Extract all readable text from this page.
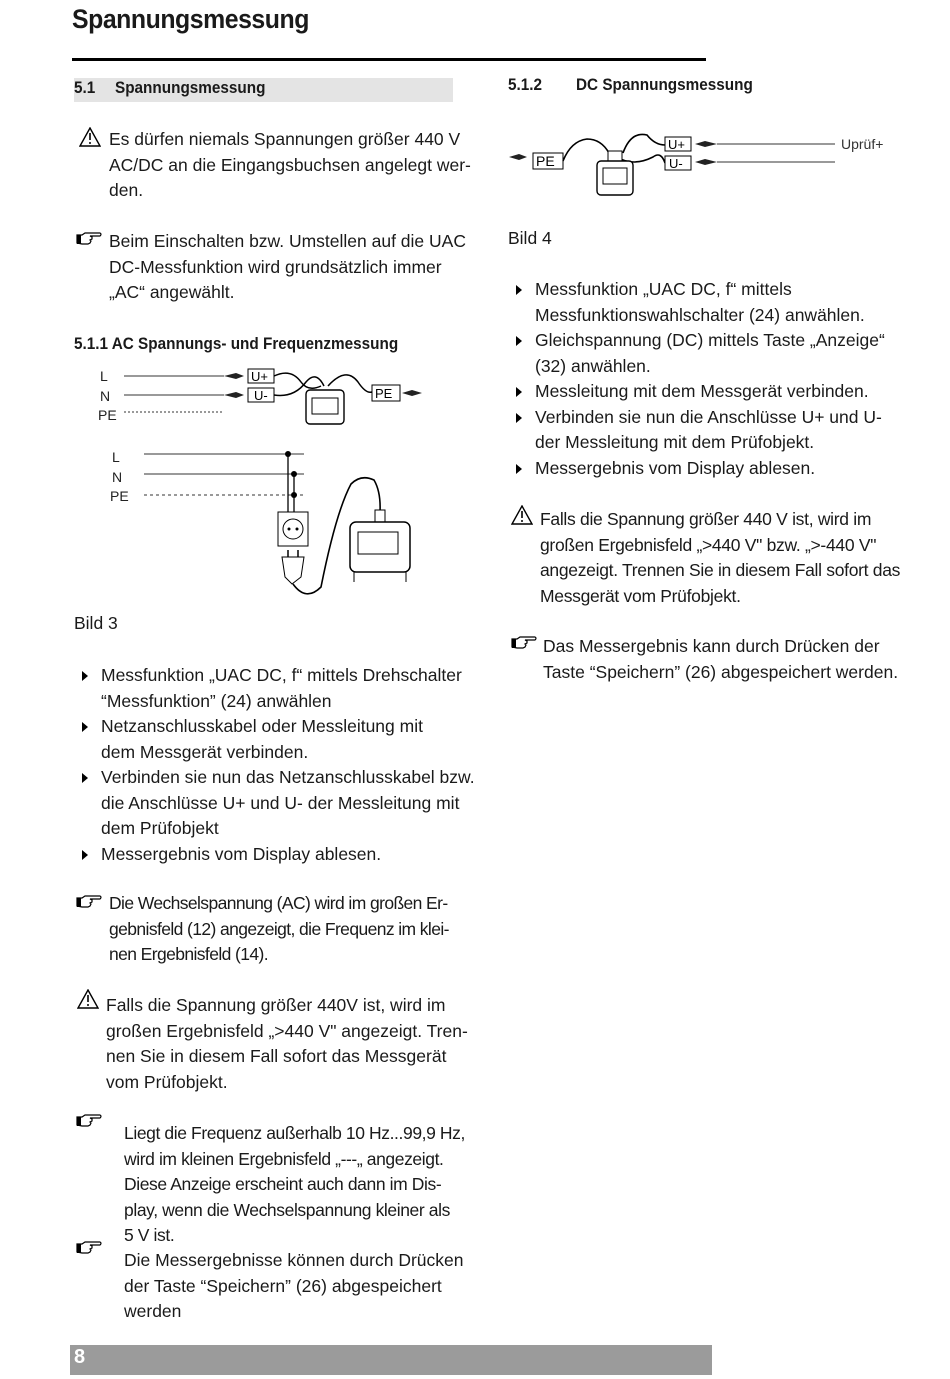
Spannungsmessung
5.1 Spannungsmessung
Es dürfen niemals Spannungen größer 440 V
AC/DC an die Eingangsbuchsen angelegt wer-
den.
Beim Einschalten bzw. Umstellen auf die UAC
DC-Messfunktion wird grundsätzlich immer
„AC“ angewählt.
5.1.1 AC Spannungs- und Frequenzmessung
L
N
PE
U+
U-	PE
L
N
PE
Bild 3
Messfunktion „UAC DC, f“ mittels Drehschalter
“Messfunktion” (24) anwählen
Netzanschlusskabel oder Messleitung mit
dem Messgerät verbinden.
Verbinden sie nun das Netzanschlusskabel bzw.
die Anschlüsse U+ und U- der Messleitung mit
dem Prüfobjekt
Messergebnis vom Display ablesen.
Die Wechselspannung (AC) wird im großen Er-
gebnisfeld (12) angezeigt, die Frequenz im klei-
nen Ergebnisfeld (14).
Falls die Spannung größer 440V ist, wird im
großen Ergebnisfeld „>440 V" angezeigt. Tren-
nen Sie in diesem Fall sofort das Messgerät
vom Prüfobjekt.
Liegt die Frequenz außerhalb 10 Hz...99,9 Hz,
wird im kleinen Ergebnisfeld „---„ angezeigt.
Diese Anzeige erscheint auch dann im Dis-
play, wenn die Wechselspannung kleiner als
5 V ist.
Die Messergebnisse können durch Drücken
der Taste “Speichern” (26) abgespeichert
werden
5.1.2 DC Spannungsmessung
PE
U+
U-
Uprüf+
Bild 4
Messfunktion „UAC DC, f“ mittels
Messfunktionswahlschalter (24) anwählen.
Gleichspannung (DC) mittels Taste „Anzeige“
(32) anwählen.
Messleitung mit dem Messgerät verbinden.
Verbinden sie nun die Anschlüsse U+ und U-
der Messleitung mit dem Prüfobjekt.
Messergebnis vom Display ablesen.
Falls die Spannung größer 440 V ist, wird im
großen Ergebnisfeld „>440 V" bzw. „>-440 V"
angezeigt. Trennen Sie in diesem Fall sofort das
Messgerät vom Prüfobjekt.
Das Messergebnis kann durch Drücken der
Taste “Speichern” (26) abgespeichert werden.
8
